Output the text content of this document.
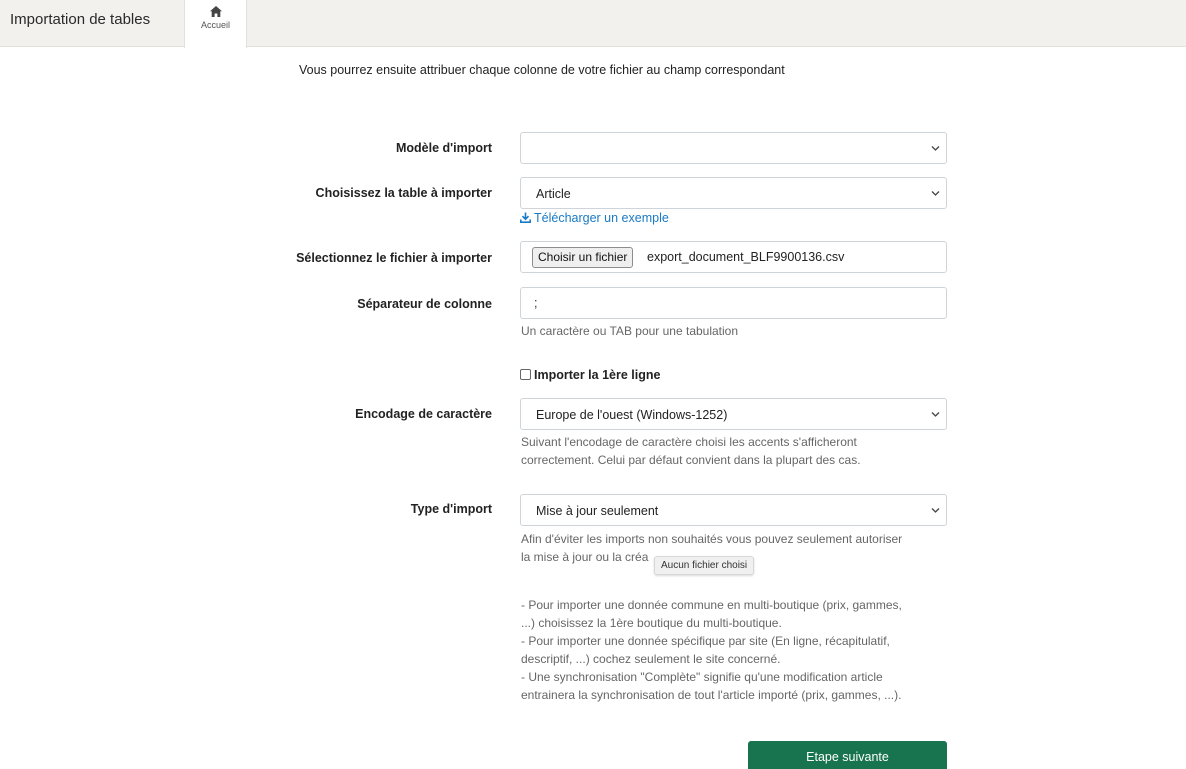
Importation de tables	Accueil
Vous pourrez ensuite attribuer chaque colonne de votre fichier au champ correspondant
Modèle d'import
Choisissez la table à importer	Article
Télécharger un exemple
Sélectionnez le fichier à importer	Choisir un fichier	export_document_BLF9900136.csv
Séparateur de colonne	;
Un caractère ou TAB pour une tabulation
Importer la 1ère ligne
Encodage de caractère	Europe de l'ouest (Windows-1252)
Suivant l'encodage de caractère choisi les accents s'afficheront
correctement. Celui par défaut convient dans la plupart des cas.
Type d'import	Mise à jour seulement
Afin d'éviter les imports non souhaités vous pouvez seulement autoriser
la mise à jour ou la créa
- Pour importer une donnée commune en multi-boutique (prix, gammes,
...) choisissez la 1ère boutique du multi-boutique.
- Pour importer une donnée spécifique par site (En ligne, récapitulatif,
descriptif, ...) cochez seulement le site concerné.
- Une synchronisation "Complète" signifie qu'une modification article
entrainera la synchronisation de tout l'article importé (prix, gammes, ...).
Aucun fichier choisi
Etape suivante
